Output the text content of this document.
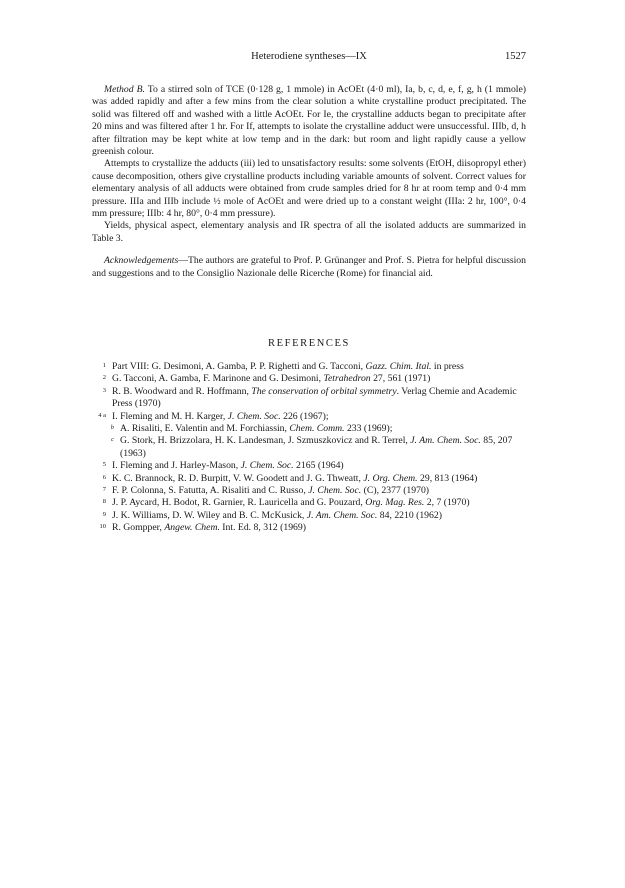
Heterodiene syntheses—IX	1527

Method B. To a stirred soln of TCE (0·128 g, 1 mmole) in AcOEt (4·0 ml), Ia, b, c, d, e, f, g, h (1 mmole) was added rapidly and after a few mins from the clear solution a white crystalline product precipitated. The solid was filtered off and washed with a little AcOEt. For Ie, the crystalline adducts began to precipitate after 20 mins and was filtered after 1 hr. For If, attempts to isolate the crystalline adduct were unsuccessful. IIIb, d, h after filtration may be kept white at low temp and in the dark: but room and light rapidly cause a yellow greenish colour.

Attempts to crystallize the adducts (iii) led to unsatisfactory results: some solvents (EtOH, diisopropyl ether) cause decomposition, others give crystalline products including variable amounts of solvent. Correct values for elementary analysis of all adducts were obtained from crude samples dried for 8 hr at room temp and 0·4 mm pressure. IIIa and IIIb include ½ mole of AcOEt and were dried up to a constant weight (IIIa: 2 hr, 100°, 0·4 mm pressure; IIIb: 4 hr, 80°, 0·4 mm pressure).

Yields, physical aspect, elementary analysis and IR spectra of all the isolated adducts are summarized in Table 3.

Acknowledgements—The authors are grateful to Prof. P. Grünanger and Prof. S. Pietra for helpful discussion and suggestions and to the Consiglio Nazionale delle Ricerche (Rome) for financial aid.

REFERENCES
1 Part VIII: G. Desimoni, A. Gamba, P. P. Righetti and G. Tacconi, Gazz. Chim. Ital. in press
2 G. Tacconi, A. Gamba, F. Marinone and G. Desimoni, Tetrahedron 27, 561 (1971)
3 R. B. Woodward and R. Hoffmann, The conservation of orbital symmetry. Verlag Chemie and Academic Press (1970)
4 a I. Fleming and M. H. Karger, J. Chem. Soc. 226 (1967);
b A. Risaliti, E. Valentin and M. Forchiassin, Chem. Comm. 233 (1969);
c G. Stork, H. Brizzolara, H. K. Landesman, J. Szmuszkovicz and R. Terrel, J. Am. Chem. Soc. 85, 207 (1963)
5 I. Fleming and J. Harley-Mason, J. Chem. Soc. 2165 (1964)
6 K. C. Brannock, R. D. Burpitt, V. W. Goodett and J. G. Thweatt, J. Org. Chem. 29, 813 (1964)
7 F. P. Colonna, S. Fatutta, A. Risaliti and C. Russo, J. Chem. Soc. (C), 2377 (1970)
8 J. P. Aycard, H. Bodot, R. Garnier, R. Lauricella and G. Pouzard, Org. Mag. Res. 2, 7 (1970)
9 J. K. Williams, D. W. Wiley and B. C. McKusick, J. Am. Chem. Soc. 84, 2210 (1962)
10 R. Gompper, Angew. Chem. Int. Ed. 8, 312 (1969)
